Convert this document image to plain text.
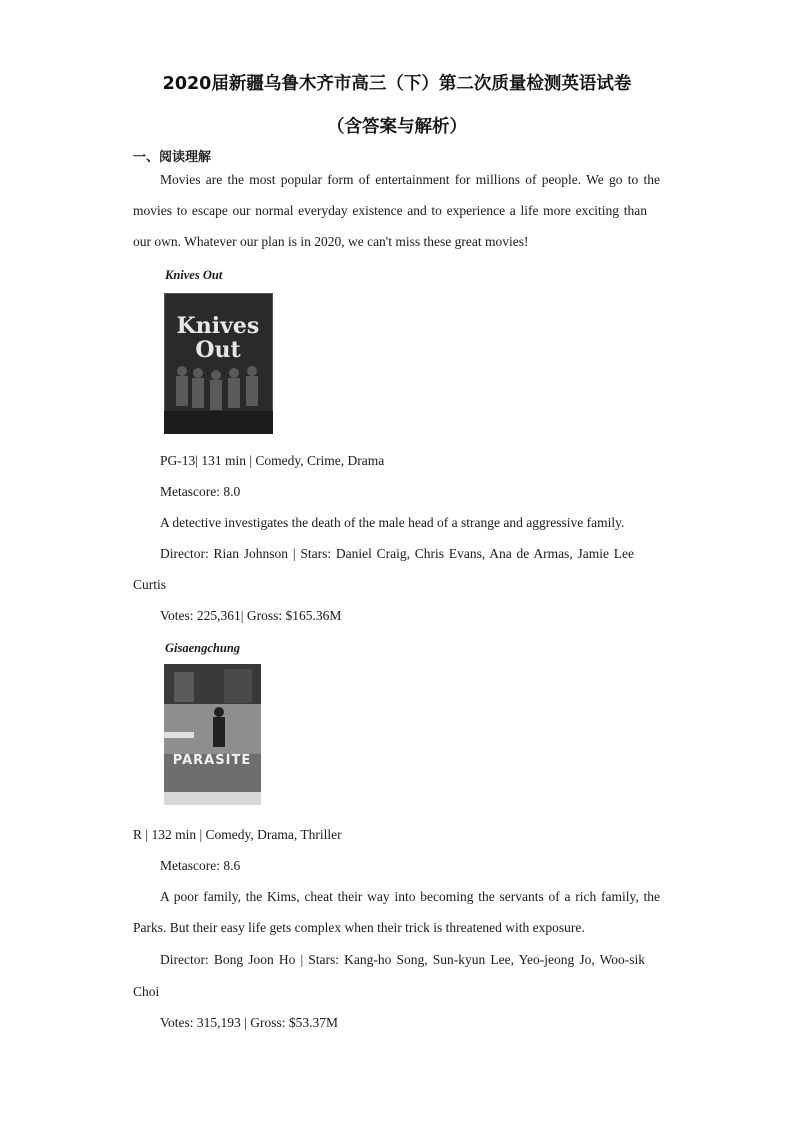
2020届新疆乌鲁木齐市高三（下）第二次质量检测英语试卷
（含答案与解析）
一、阅读理解
Movies are the most popular form of entertainment for millions of people. We go to the
movies to escape our normal everyday existence and to experience a life more exciting than
our own. Whatever our plan is in 2020, we can't miss these great movies!
Knives Out
Knives
Out
PG-13| 131 min | Comedy, Crime, Drama
Metascore: 8.0
A detective investigates the death of the male head of a strange and aggressive family.
Director: Rian Johnson | Stars: Daniel Craig, Chris Evans, Ana de Armas, Jamie Lee
Curtis
Votes: 225,361| Gross: $165.36M
Gisaengchung
PARASITE
R | 132 min | Comedy, Drama, Thriller
Metascore: 8.6
A poor family, the Kims, cheat their way into becoming the servants of a rich family, the
Parks. But their easy life gets complex when their trick is threatened with exposure.
Director: Bong Joon Ho | Stars: Kang-ho Song, Sun-kyun Lee, Yeo-jeong Jo, Woo-sik
Choi
Votes: 315,193 | Gross: $53.37M
